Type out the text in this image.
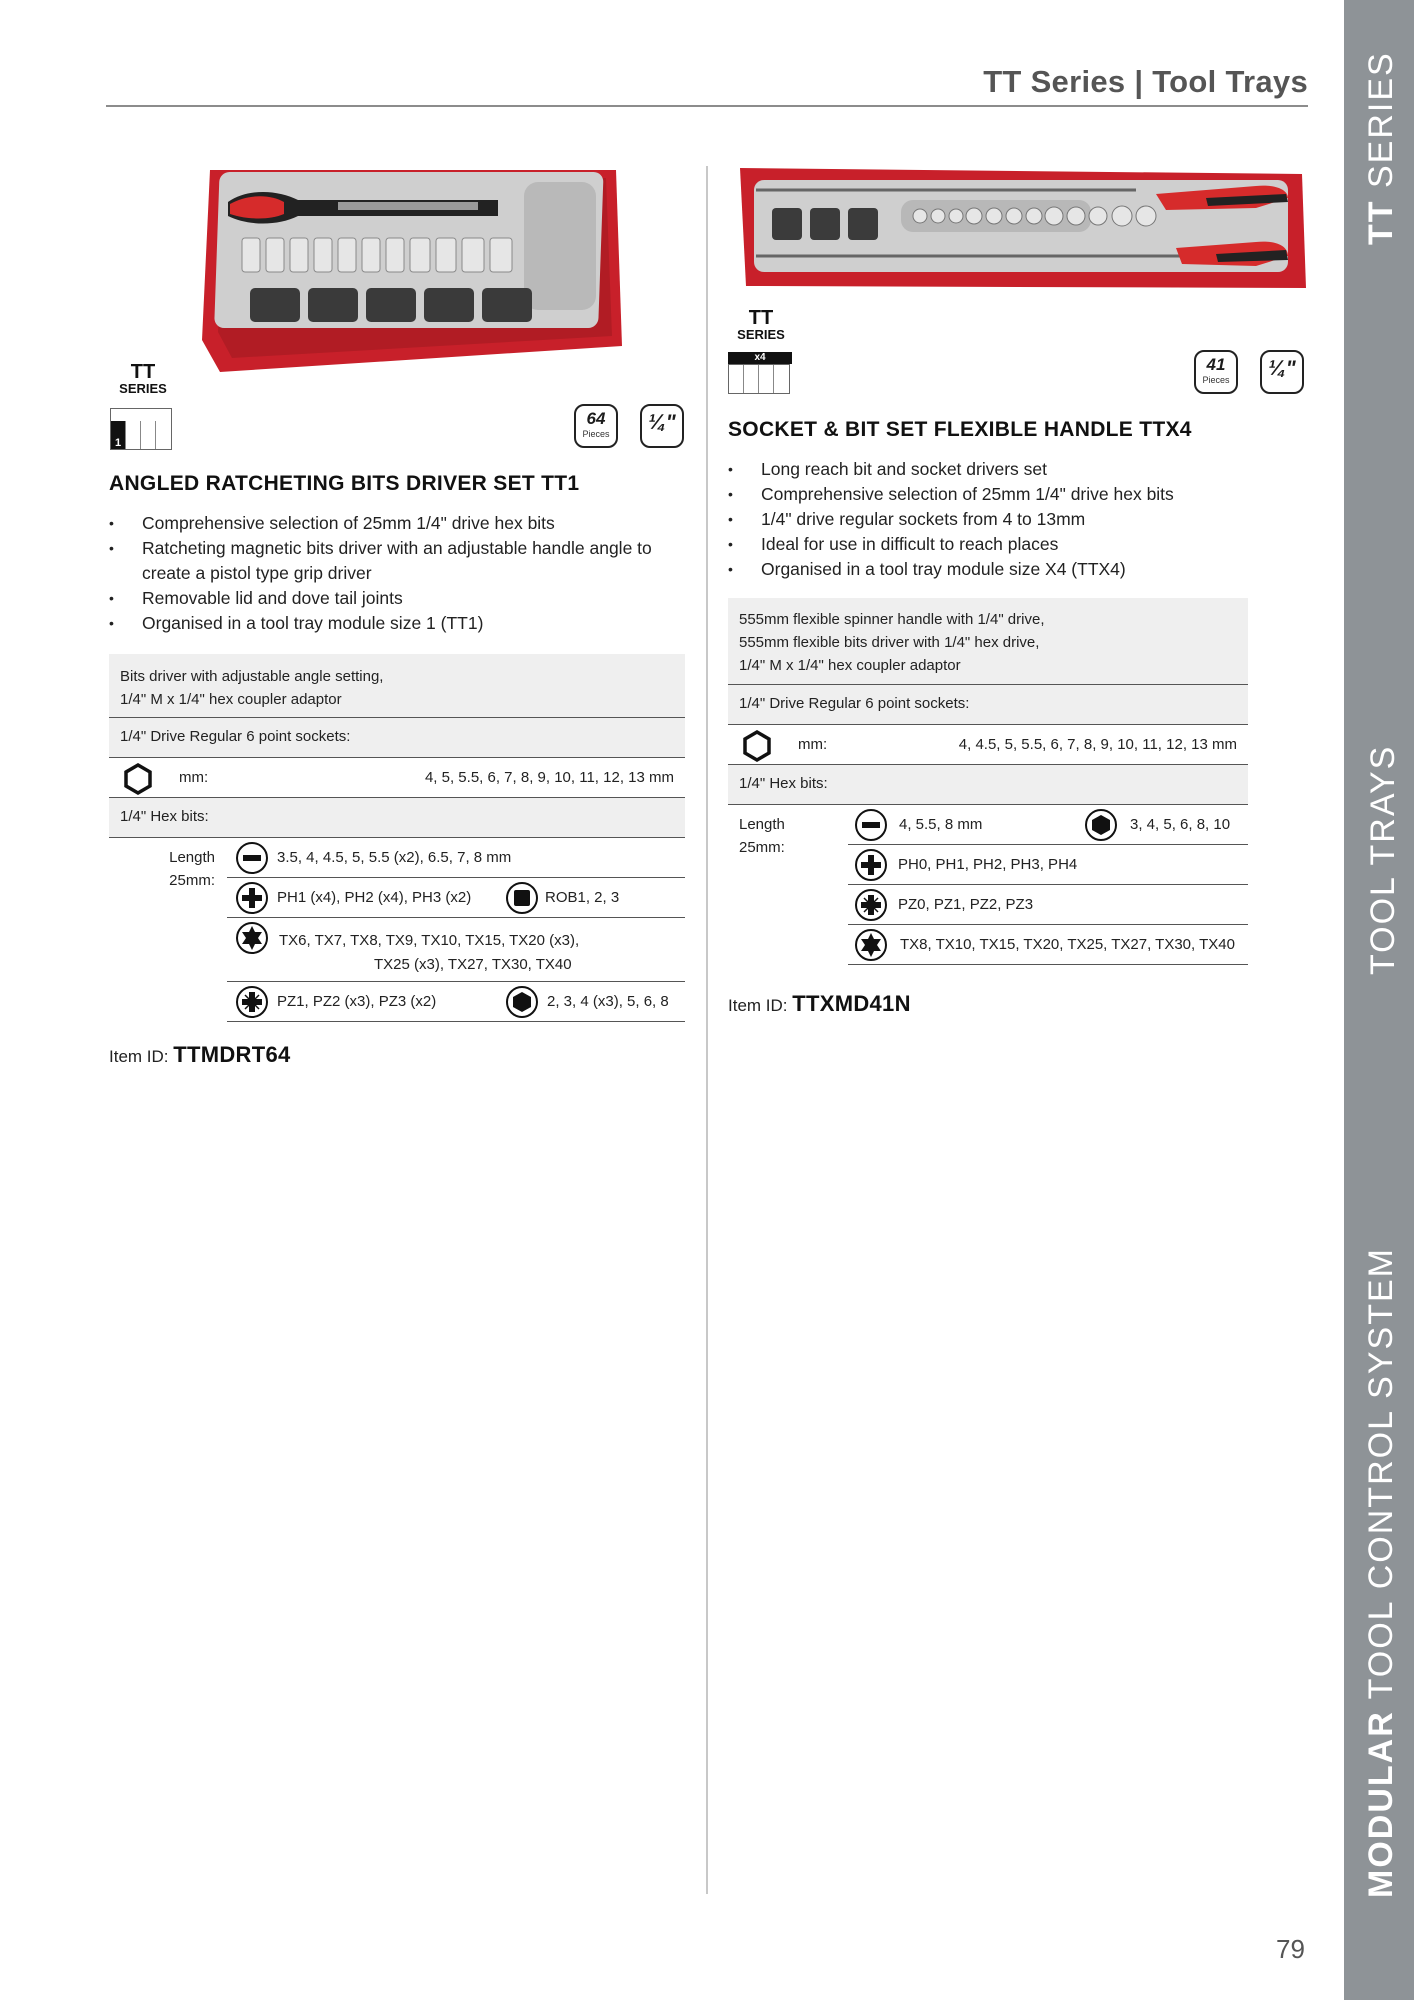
TT Series | Tool Trays
TT SERIES
TOOL TRAYS
MODULAR TOOL CONTROL SYSTEM
79
TT
SERIES
1
64
Pieces	¼"
ANGLED RATCHETING BITS DRIVER SET TT1
• Comprehensive selection of 25mm 1/4" drive hex bits
• Ratcheting magnetic bits driver with an adjustable handle angle to create a pistol type grip driver
• Removable lid and dove tail joints
• Organised in a tool tray module size 1 (TT1)
Bits driver with adjustable angle setting,
1/4" M x 1/4" hex coupler adaptor
1/4" Drive Regular 6 point sockets:
mm:	4, 5, 5.5, 6, 7, 8, 9, 10, 11, 12, 13 mm
1/4" Hex bits:
Length
25mm:
3.5, 4, 4.5, 5, 5.5 (x2), 6.5, 7, 8 mm
PH1 (x4), PH2 (x4), PH3 (x2)	ROB1, 2, 3
TX6, TX7, TX8, TX9, TX10, TX15, TX20 (x3),
TX25 (x3), TX27, TX30, TX40
PZ1, PZ2 (x3), PZ3 (x2)	2, 3, 4 (x3), 5, 6, 8
Item ID: TTMDRT64
TT
SERIES
x4	41
Pieces	¼"
SOCKET & BIT SET FLEXIBLE HANDLE TTX4
• Long reach bit and socket drivers set
• Comprehensive selection of 25mm 1/4" drive hex bits
• 1/4" drive regular sockets from 4 to 13mm
• Ideal for use in difficult to reach places
• Organised in a tool tray module size X4 (TTX4)
555mm flexible spinner handle with 1/4" drive,
555mm flexible bits driver with 1/4" hex drive,
1/4" M x 1/4" hex coupler adaptor
1/4" Drive Regular 6 point sockets:
mm:	4, 4.5, 5, 5.5, 6, 7, 8, 9, 10, 11, 12, 13 mm
1/4" Hex bits:
Length
25mm:
4, 5.5, 8 mm	3, 4, 5, 6, 8, 10
PH0, PH1, PH2, PH3, PH4
PZ0, PZ1, PZ2, PZ3
TX8, TX10, TX15, TX20, TX25, TX27, TX30, TX40
Item ID: TTXMD41N
